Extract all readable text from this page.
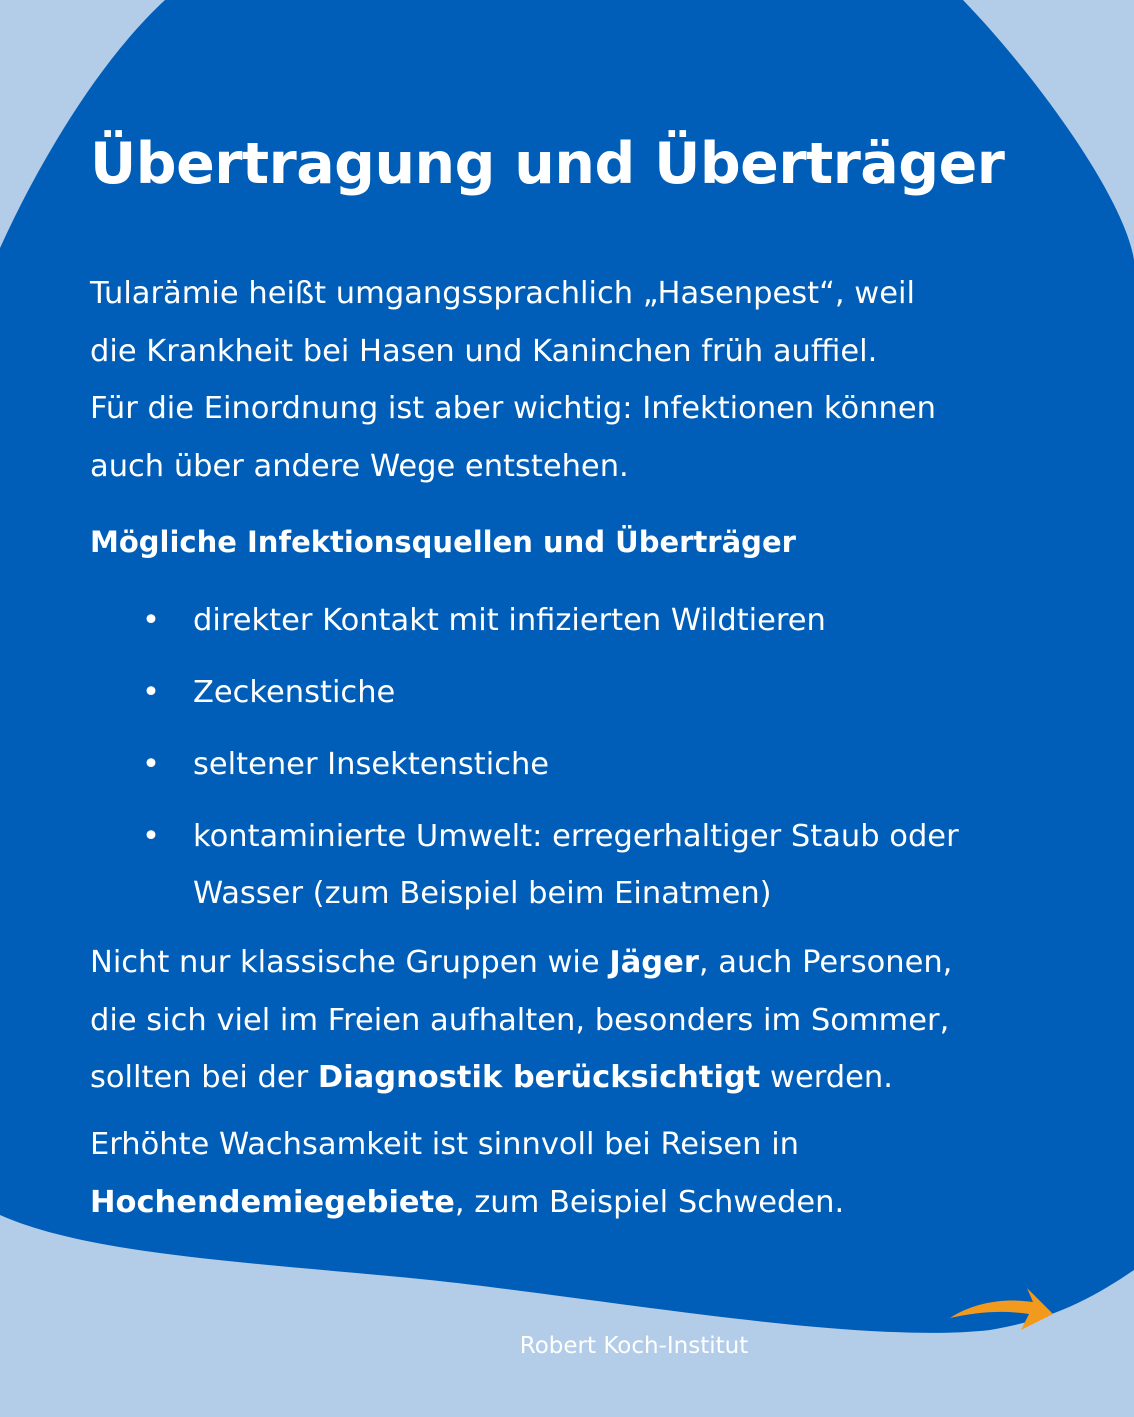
Übertragung und Überträger

Tularämie heißt umgangssprachlich „Hasenpest“, weil
die Krankheit bei Hasen und Kaninchen früh auffiel.
Für die Einordnung ist aber wichtig: Infektionen können
auch über andere Wege entstehen.

Mögliche Infektionsquellen und Überträger
• direkter Kontakt mit infizierten Wildtieren
• Zeckenstiche
• seltener Insektenstiche
• kontaminierte Umwelt: erregerhaltiger Staub oder
Wasser (zum Beispiel beim Einatmen)

Nicht nur klassische Gruppen wie Jäger, auch Personen,
die sich viel im Freien aufhalten, besonders im Sommer,
sollten bei der Diagnostik berücksichtigt werden.

Erhöhte Wachsamkeit ist sinnvoll bei Reisen in
Hochendemiegebiete, zum Beispiel Schweden.

Robert Koch-Institut
